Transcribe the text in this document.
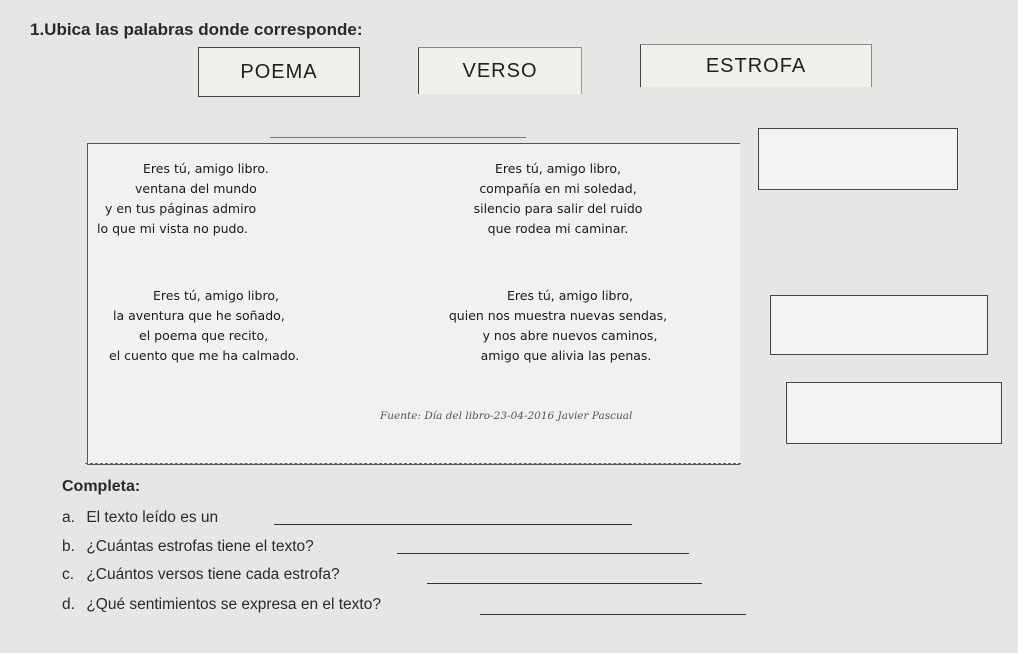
1.Ubica las palabras donde corresponde:
POEMA	VERSO	ESTROFA
Eres tú, amigo libro.
ventana del mundo
y en tus páginas admiro
lo que mi vista no pudo.
Eres tú, amigo libro,
compañía en mi soledad,
silencio para salir del ruido
que rodea mi caminar.
Eres tú, amigo libro,
la aventura que he soñado,
el poema que recito,
el cuento que me ha calmado.
Eres tú, amigo libro,
quien nos muestra nuevas sendas,
y nos abre nuevos caminos,
amigo que alivia las penas.
Fuente: Día del libro-23-04-2016 Javier Pascual
Completa:
a. El texto leído es un
b. ¿Cuántas estrofas tiene el texto?
c. ¿Cuántos versos tiene cada estrofa?
d. ¿Qué sentimientos se expresa en el texto?
